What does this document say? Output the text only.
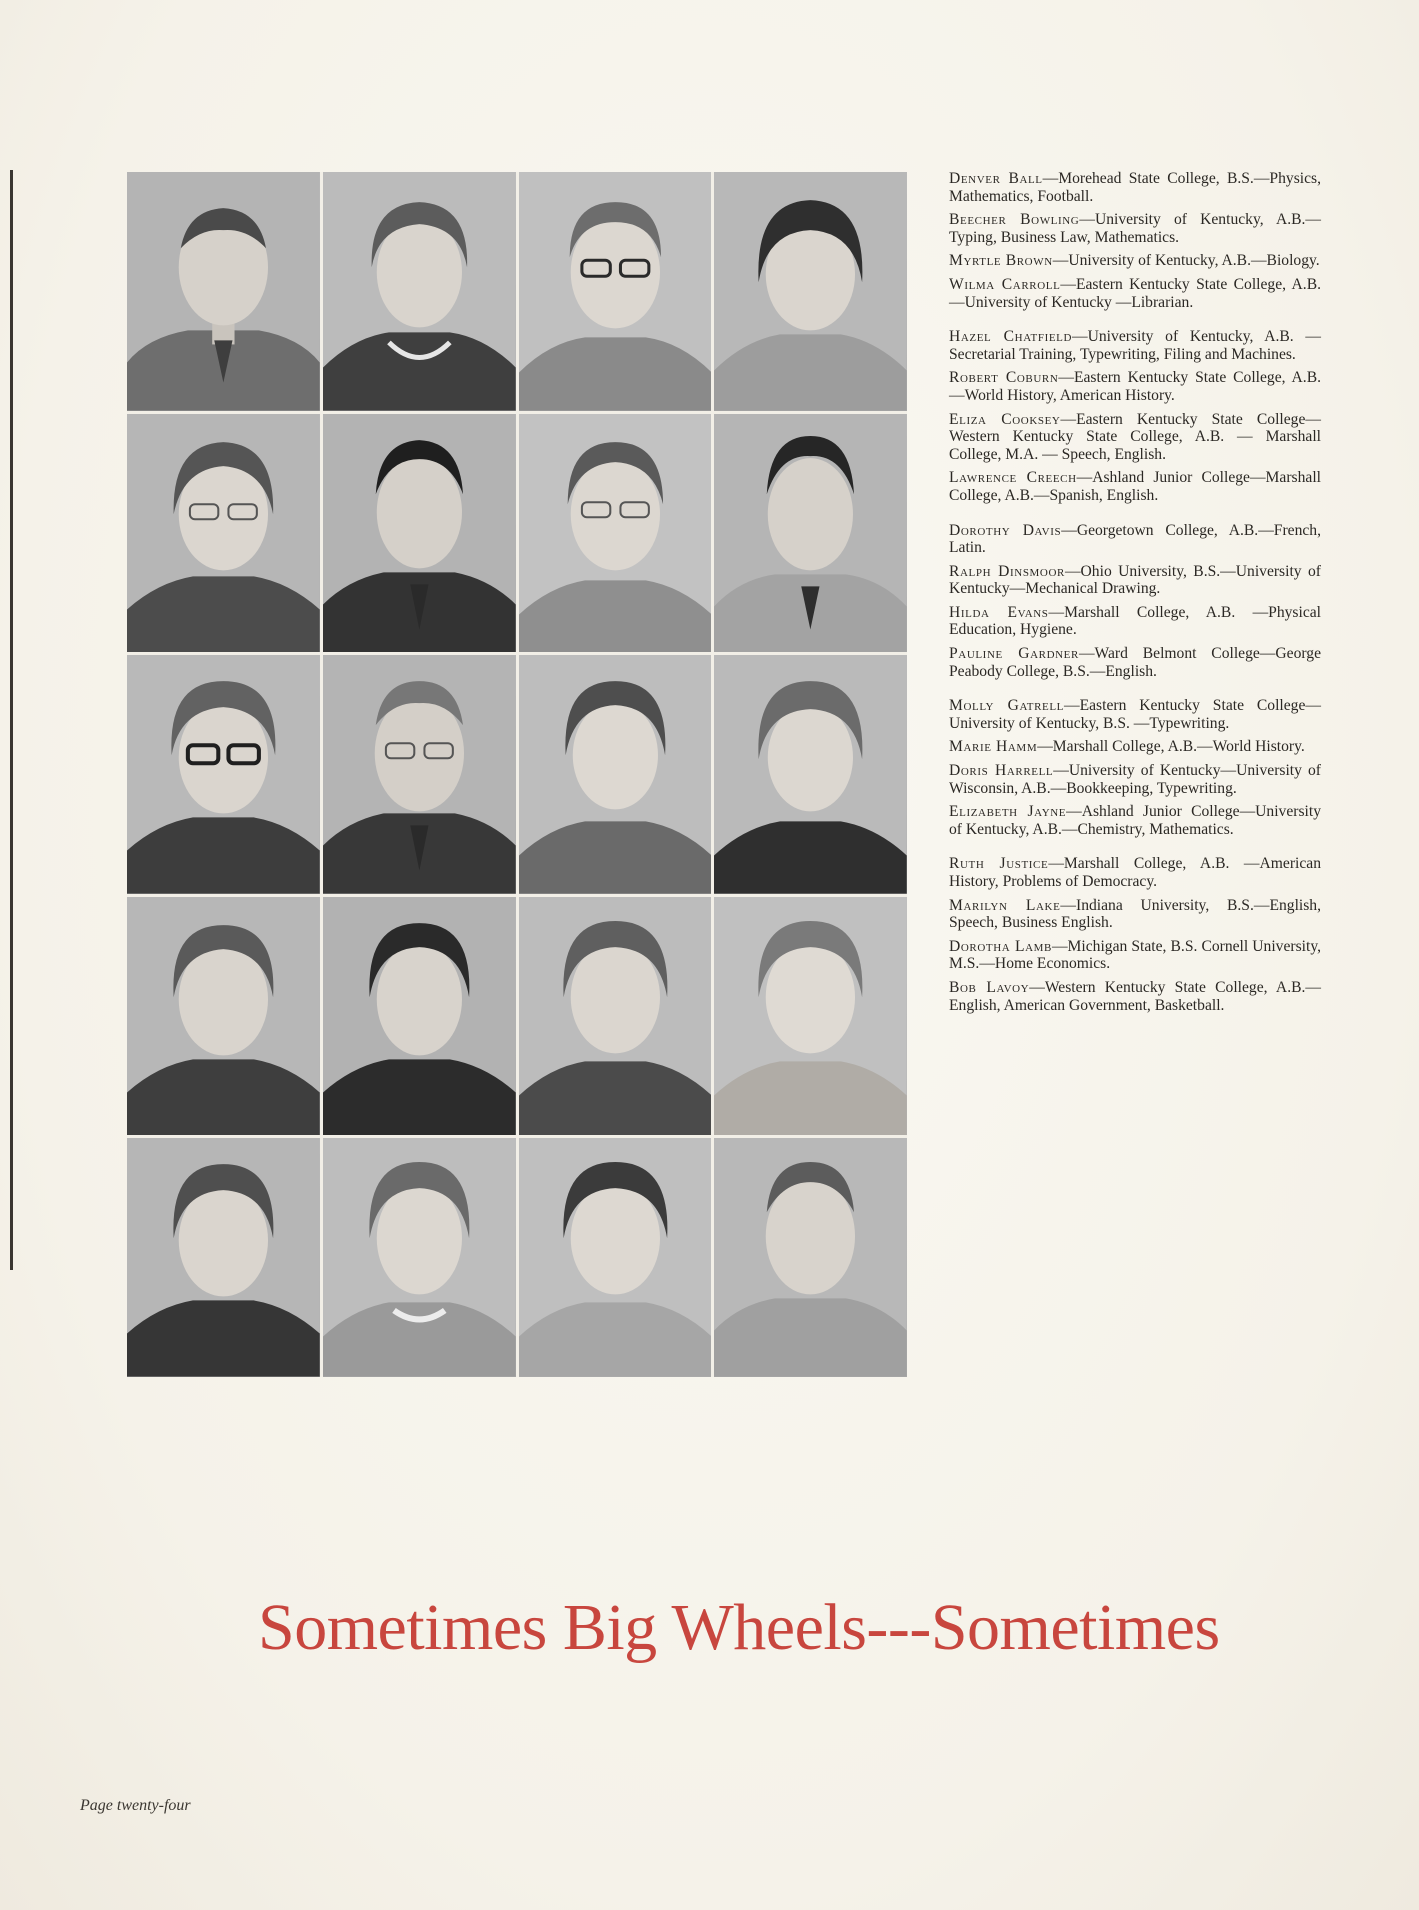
Denver Ball—Morehead State College, B.S.—Physics, Mathematics, Football.

Beecher Bowling—University of Kentucky, A.B.—Typing, Business Law, Mathematics.

Myrtle Brown—University of Kentucky, A.B.—Biology.

Wilma Carroll—Eastern Kentucky State College, A.B.—University of Kentucky —Librarian.

Hazel Chatfield—University of Kentucky, A.B. — Secretarial Training, Typewriting, Filing and Machines.

Robert Coburn—Eastern Kentucky State College, A.B.—World History, American History.

Eliza Cooksey—Eastern Kentucky State College—Western Kentucky State College, A.B. — Marshall College, M.A. — Speech, English.

Lawrence Creech—Ashland Junior College—Marshall College, A.B.—Spanish, English.

Dorothy Davis—Georgetown College, A.B.—French, Latin.

Ralph Dinsmoor—Ohio University, B.S.—University of Kentucky—Mechanical Drawing.

Hilda Evans—Marshall College, A.B. —Physical Education, Hygiene.

Pauline Gardner—Ward Belmont College—George Peabody College, B.S.—English.

Molly Gatrell—Eastern Kentucky State College—University of Kentucky, B.S. —Typewriting.

Marie Hamm—Marshall College, A.B.—World History.

Doris Harrell—University of Kentucky—University of Wisconsin, A.B.—Bookkeeping, Typewriting.

Elizabeth Jayne—Ashland Junior College—University of Kentucky, A.B.—Chemistry, Mathematics.

Ruth Justice—Marshall College, A.B. —American History, Problems of Democracy.

Marilyn Lake—Indiana University, B.S.—English, Speech, Business English.

Dorotha Lamb—Michigan State, B.S. Cornell University, M.S.—Home Economics.

Bob Lavoy—Western Kentucky State College, A.B.—English, American Government, Basketball.

Sometimes Big Wheels---Sometimes
Page twenty-four
